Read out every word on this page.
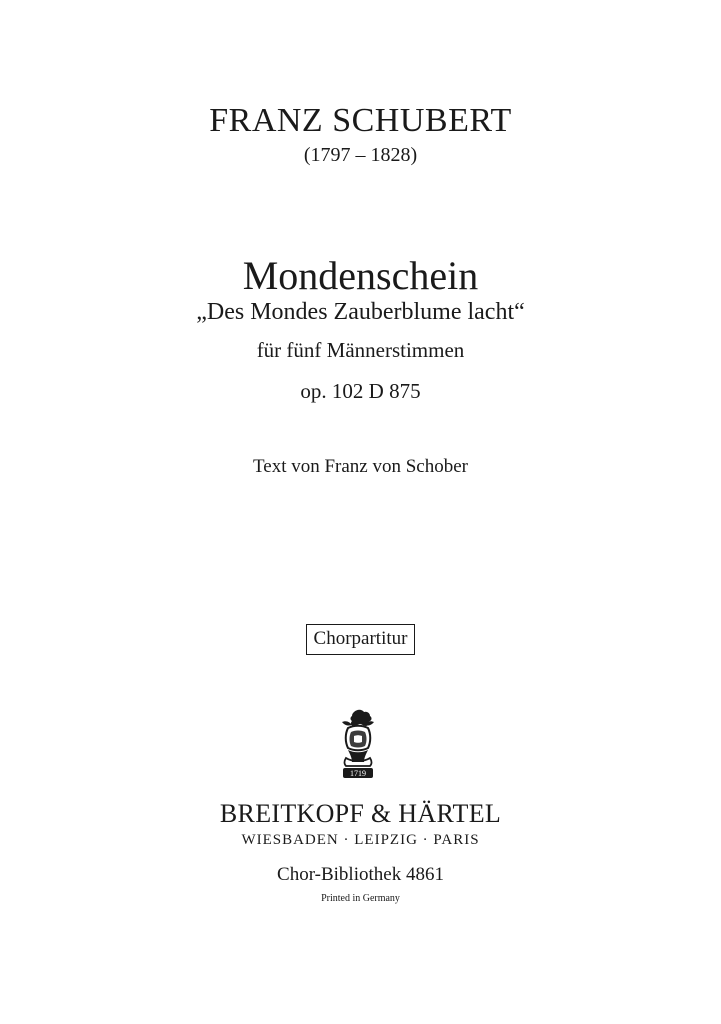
FRANZ SCHUBERT
(1797 – 1828)
Mondenschein
„Des Mondes Zauberblume lacht“
für fünf Männerstimmen
op. 102 D 875
Text von Franz von Schober
Chorpartitur
1719
BREITKOPF & HÄRTEL
WIESBADEN · LEIPZIG · PARIS
Chor-Bibliothek 4861
Printed in Germany
